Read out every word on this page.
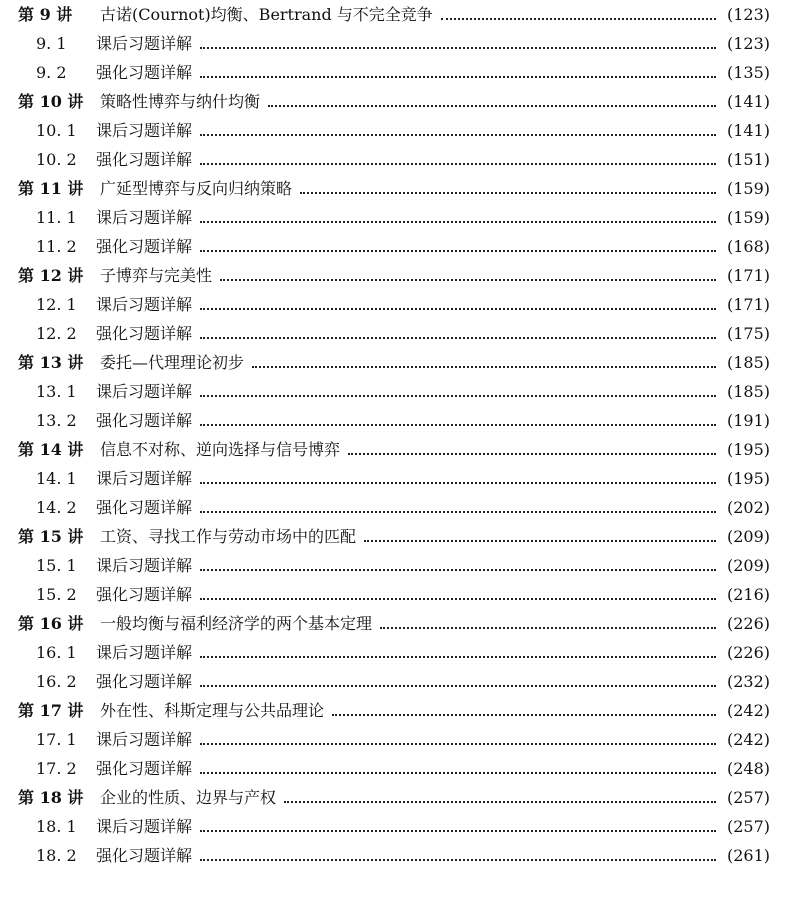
第 9 讲	古诺(Cournot)均衡、Bertrand 与不完全竞争	( 123 )
9. 1	课后习题详解	( 123 )
9. 2	强化习题详解	( 135 )
第 10 讲	策略性博弈与纳什均衡	( 141 )
10. 1	课后习题详解	( 141 )
10. 2	强化习题详解	( 151 )
第 11 讲	广延型博弈与反向归纳策略	( 159 )
11. 1	课后习题详解	( 159 )
11. 2	强化习题详解	( 168 )
第 12 讲	子博弈与完美性	( 171 )
12. 1	课后习题详解	( 171 )
12. 2	强化习题详解	( 175 )
第 13 讲	委托—代理理论初步	( 185 )
13. 1	课后习题详解	( 185 )
13. 2	强化习题详解	( 191 )
第 14 讲	信息不对称、逆向选择与信号博弈	( 195 )
14. 1	课后习题详解	( 195 )
14. 2	强化习题详解	( 202 )
第 15 讲	工资、寻找工作与劳动市场中的匹配	( 209 )
15. 1	课后习题详解	( 209 )
15. 2	强化习题详解	( 216 )
第 16 讲	一般均衡与福利经济学的两个基本定理	( 226 )
16. 1	课后习题详解	( 226 )
16. 2	强化习题详解	( 232 )
第 17 讲	外在性、科斯定理与公共品理论	( 242 )
17. 1	课后习题详解	( 242 )
17. 2	强化习题详解	( 248 )
第 18 讲	企业的性质、边界与产权	( 257 )
18. 1	课后习题详解	( 257 )
18. 2	强化习题详解	( 261 )
